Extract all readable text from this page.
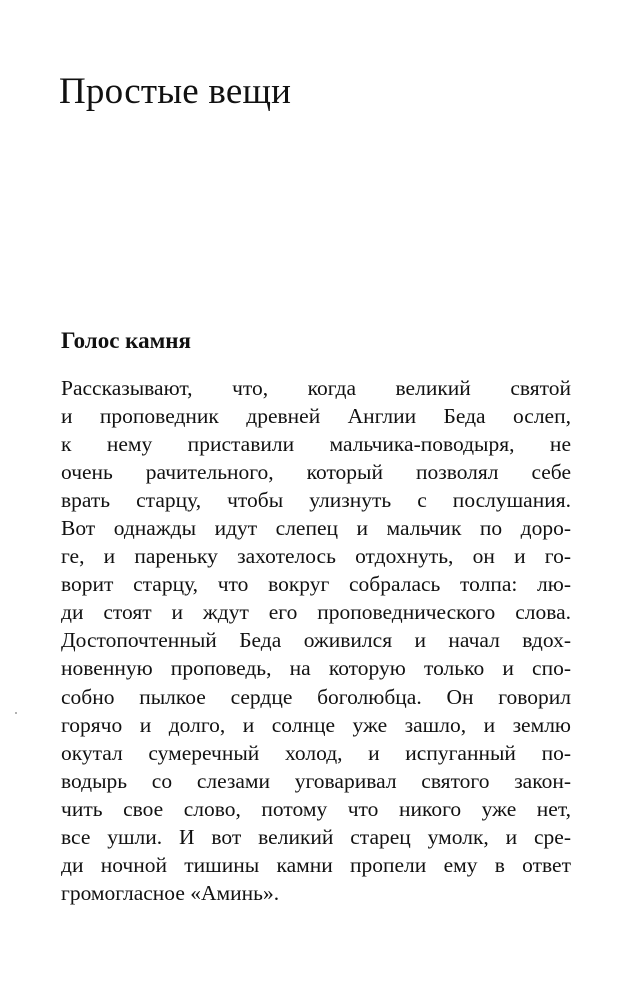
Простые вещи
Голос камня
Рассказывают, что, когда великий святой
и проповедник древней Англии Беда ослеп,
к нему приставили мальчика-поводыря, не
очень рачительного, который позволял себе
врать старцу, чтобы улизнуть с послушания.
Вот однажды идут слепец и мальчик по доро-
ге, и пареньку захотелось отдохнуть, он и го-
ворит старцу, что вокруг собралась толпа: лю-
ди стоят и ждут его проповеднического слова.
Достопочтенный Беда оживился и начал вдох-
новенную проповедь, на которую только и спо-
собно пылкое сердце боголюбца. Он говорил
горячо и долго, и солнце уже зашло, и землю
окутал сумеречный холод, и испуганный по-
водырь со слезами уговаривал святого закон-
чить свое слово, потому что никого уже нет,
все ушли. И вот великий старец умолк, и сре-
ди ночной тишины камни пропели ему в ответ
громогласное «Аминь».
